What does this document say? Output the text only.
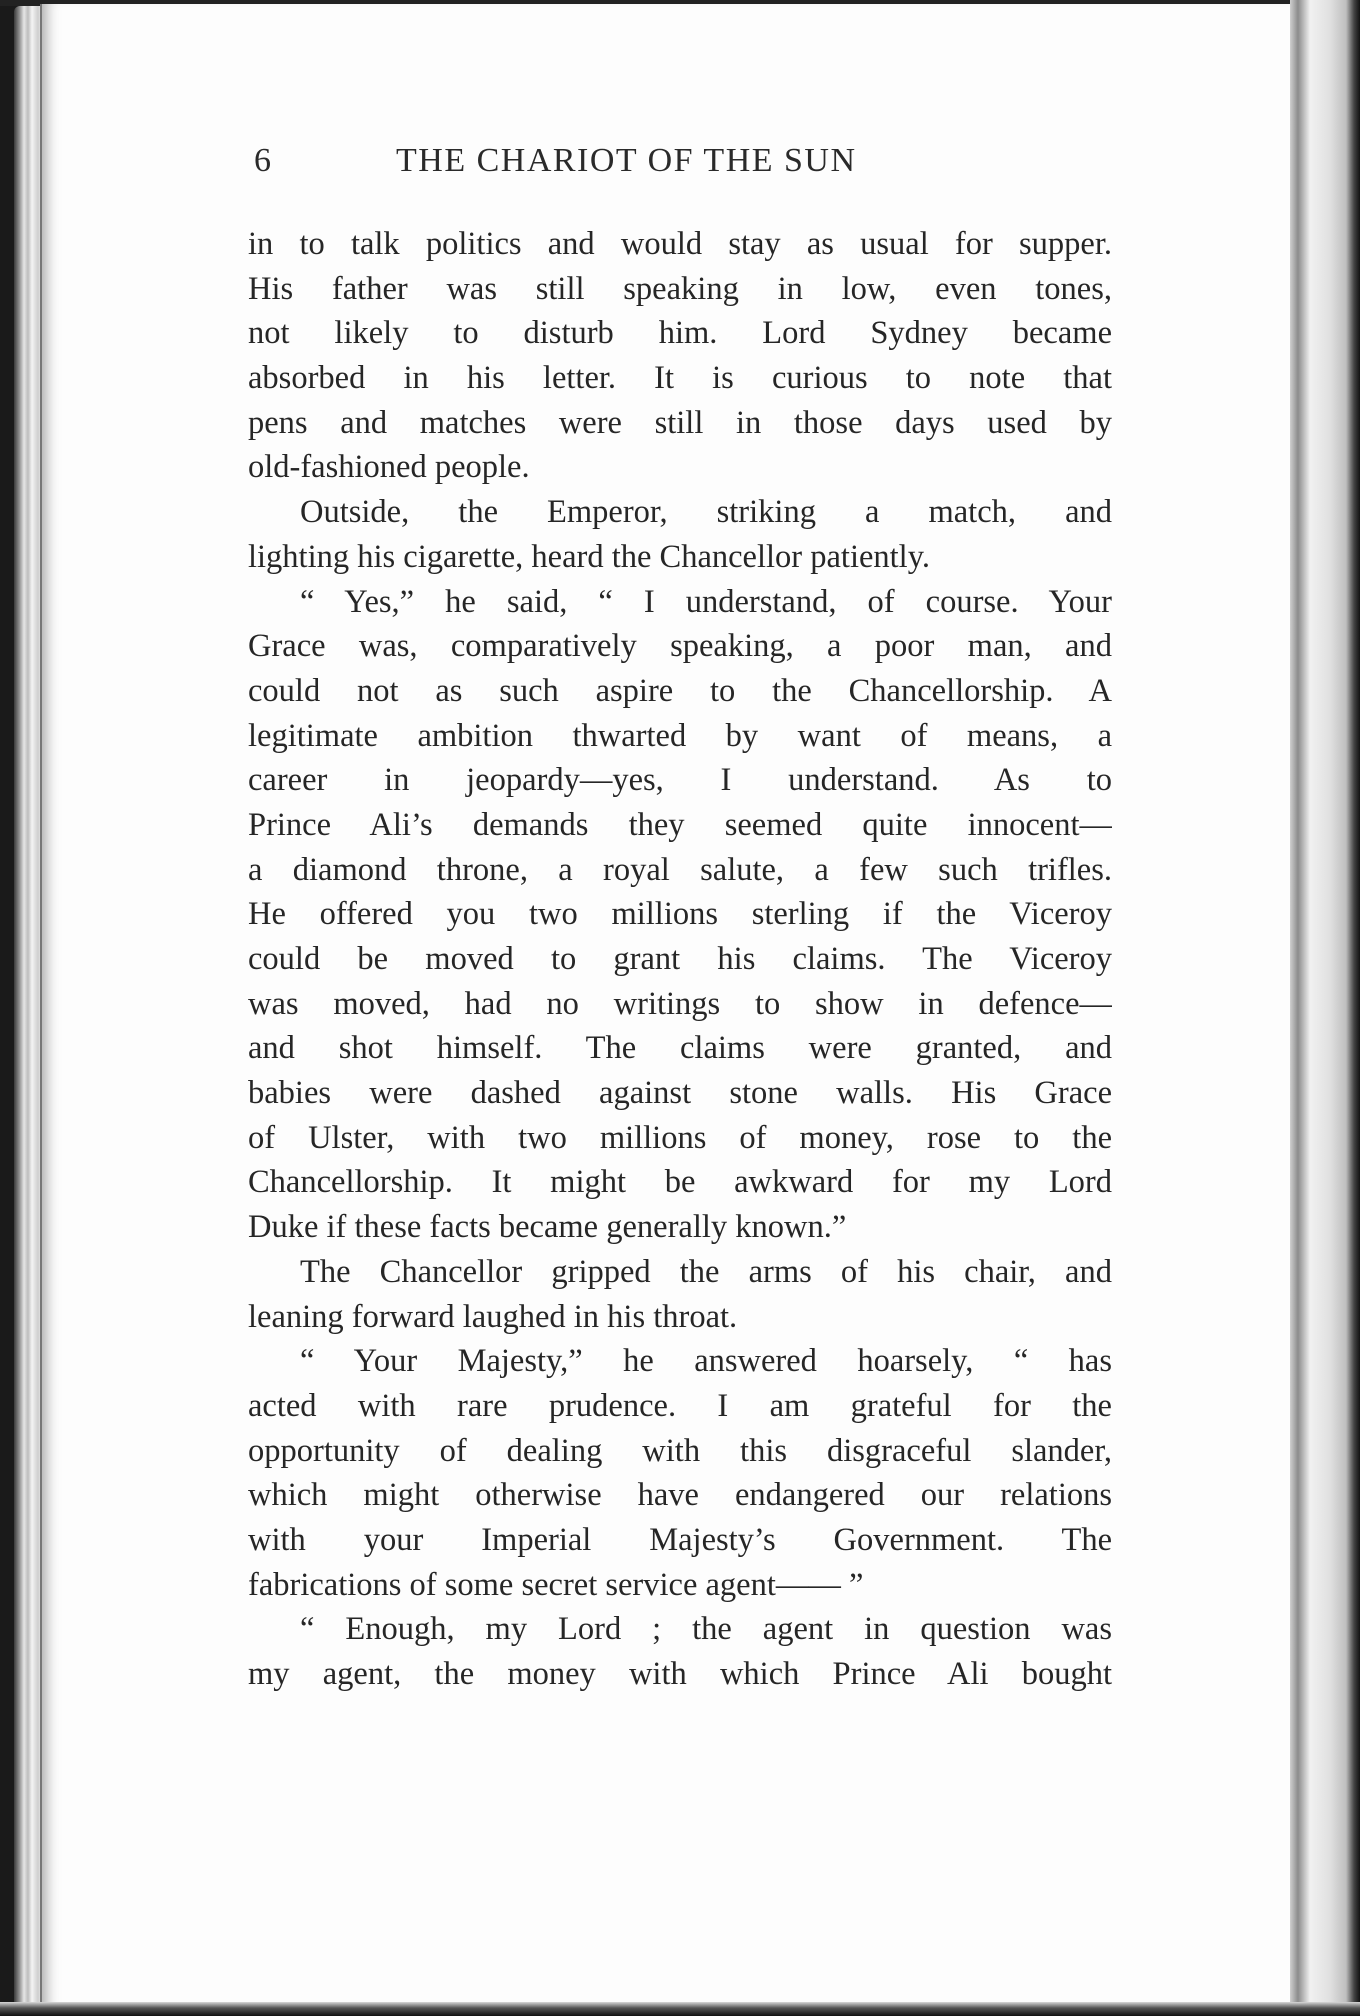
6	THE CHARIOT OF THE SUN
in to talk politics and would stay as usual for supper.
His father was still speaking in low, even tones,
not likely to disturb him. Lord Sydney became
absorbed in his letter. It is curious to note that
pens and matches were still in those days used by
old-fashioned people.
Outside, the Emperor, striking a match, and
lighting his cigarette, heard the Chancellor patiently.
“ Yes,” he said, “ I understand, of course. Your
Grace was, comparatively speaking, a poor man, and
could not as such aspire to the Chancellorship. A
legitimate ambition thwarted by want of means, a
career in jeopardy—yes, I understand. As to
Prince Ali’s demands they seemed quite innocent—
a diamond throne, a royal salute, a few such trifles.
He offered you two millions sterling if the Viceroy
could be moved to grant his claims. The Viceroy
was moved, had no writings to show in defence—
and shot himself. The claims were granted, and
babies were dashed against stone walls. His Grace
of Ulster, with two millions of money, rose to the
Chancellorship. It might be awkward for my Lord
Duke if these facts became generally known.”
The Chancellor gripped the arms of his chair, and
leaning forward laughed in his throat.
“ Your Majesty,” he answered hoarsely, “ has
acted with rare prudence. I am grateful for the
opportunity of dealing with this disgraceful slander,
which might otherwise have endangered our relations
with your Imperial Majesty’s Government. The
fabrications of some secret service agent—— ”
“ Enough, my Lord ; the agent in question was
my agent, the money with which Prince Ali bought
